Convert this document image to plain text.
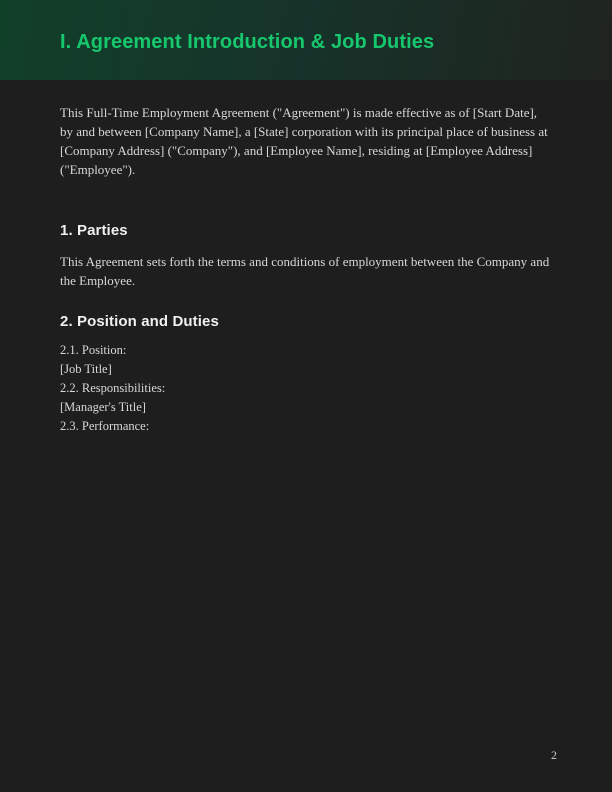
I. Agreement Introduction & Job Duties

This Full-Time Employment Agreement ("Agreement") is made effective as of [Start Date], by and between [Company Name], a [State] corporation with its principal place of business at [Company Address] ("Company"), and [Employee Name], residing at [Employee Address] ("Employee").

1. Parties

This Agreement sets forth the terms and conditions of employment between the Company and the Employee.

2. Position and Duties
2.1. Position:
[Job Title]
2.2. Responsibilities:
[Manager's Title]
2.3. Performance:
2
